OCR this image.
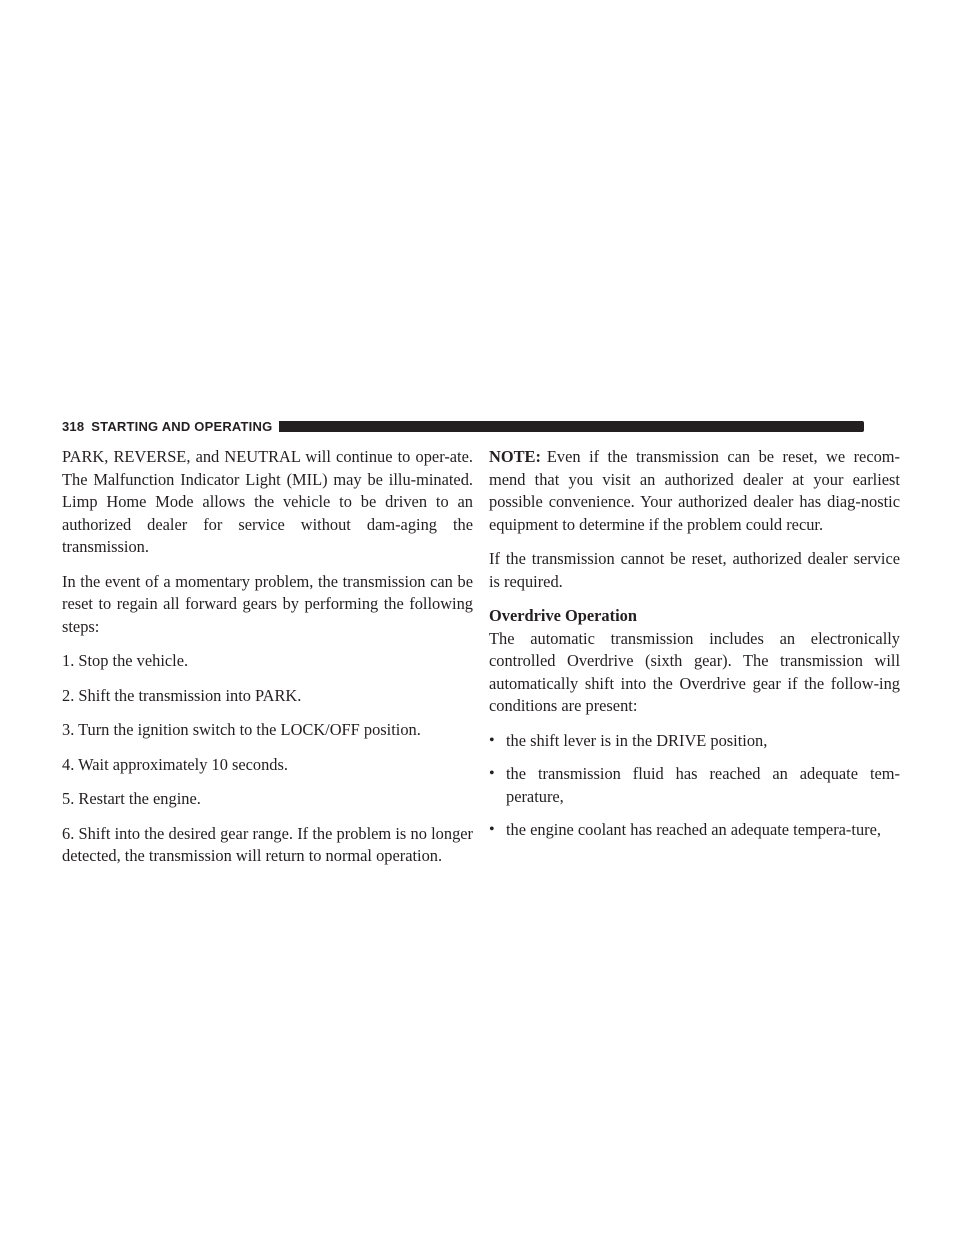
318 STARTING AND OPERATING

PARK, REVERSE, and NEUTRAL will continue to oper-ate. The Malfunction Indicator Light (MIL) may be illu-minated. Limp Home Mode allows the vehicle to be driven to an authorized dealer for service without dam-aging the transmission.

In the event of a momentary problem, the transmission can be reset to regain all forward gears by performing the following steps:

1. Stop the vehicle.

2. Shift the transmission into PARK.

3. Turn the ignition switch to the LOCK/OFF position.

4. Wait approximately 10 seconds.

5. Restart the engine.

6. Shift into the desired gear range. If the problem is no longer detected, the transmission will return to normal operation.

NOTE: Even if the transmission can be reset, we recom-mend that you visit an authorized dealer at your earliest possible convenience. Your authorized dealer has diag-nostic equipment to determine if the problem could recur.

If the transmission cannot be reset, authorized dealer service is required.

Overdrive Operation

The automatic transmission includes an electronically controlled Overdrive (sixth gear). The transmission will automatically shift into the Overdrive gear if the follow-ing conditions are present:

• the shift lever is in the DRIVE position,
• the transmission fluid has reached an adequate tem-perature,
• the engine coolant has reached an adequate tempera-ture,
